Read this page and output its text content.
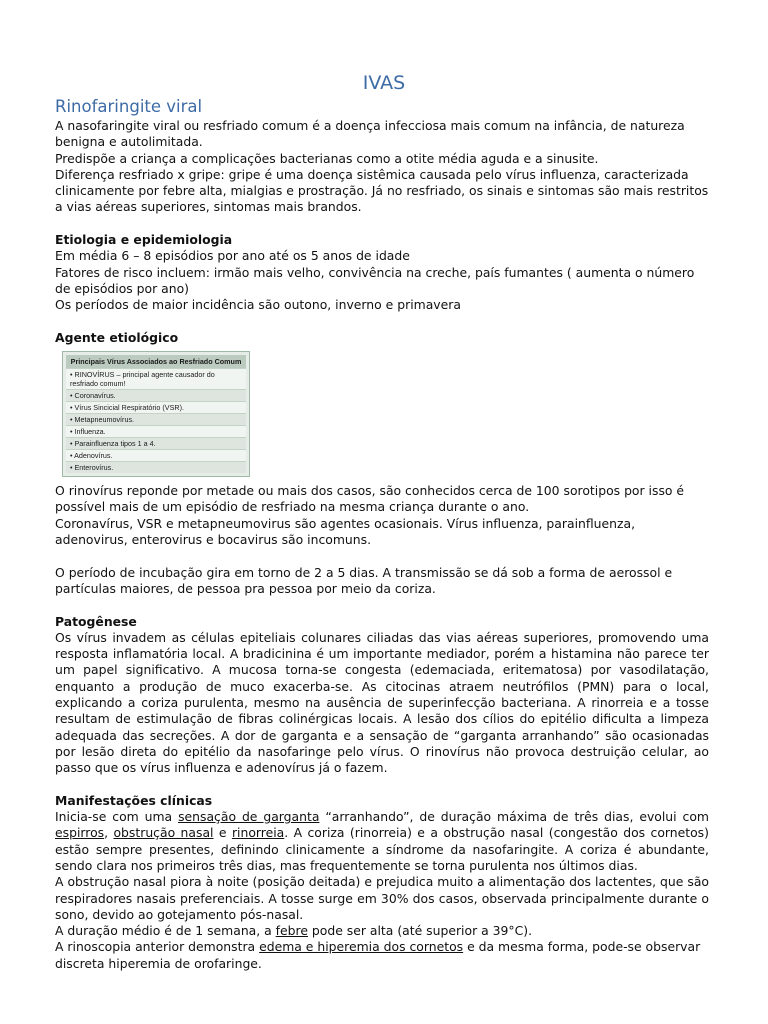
IVAS
Rinofaringite viral

A nasofaringite viral ou resfriado comum é a doença infecciosa mais comum na infância, de natureza benigna e autolimitada.

Predispõe a criança a complicações bacterianas como a otite média aguda e a sinusite.

Diferença resfriado x gripe: gripe é uma doença sistêmica causada pelo vírus influenza, caracterizada clinicamente por febre alta, mialgias e prostração. Já no resfriado, os sinais e sintomas são mais restritos a vias aéreas superiores, sintomas mais brandos.

Etiologia e epidemiologia

Em média 6 – 8 episódios por ano até os 5 anos de idade

Fatores de risco incluem: irmão mais velho, convivência na creche, país fumantes ( aumenta o número de episódios por ano)

Os períodos de maior incidência são outono, inverno e primavera

Agente etiológico

Principais Vírus Associados ao Resfriado Comum
• RINOVÍRUS – principal agente causador do resfriado comum!
• Coronavírus.
• Vírus Sincicial Respiratório (VSR).
• Metapneumovírus.
• Influenza.
• Parainfluenza tipos 1 a 4.
• Adenovírus.
• Enterovírus.

O rinovírus reponde por metade ou mais dos casos, são conhecidos cerca de 100 sorotipos por isso é possível mais de um episódio de resfriado na mesma criança durante o ano.

Coronavírus, VSR e metapneumovirus são agentes ocasionais. Vírus influenza, parainfluenza, adenovirus, enterovirus e bocavirus são incomuns.

O período de incubação gira em torno de 2 a 5 dias. A transmissão se dá sob a forma de aerossol e partículas maiores, de pessoa pra pessoa por meio da coriza.

Patogênese

Os vírus invadem as células epiteliais colunares ciliadas das vias aéreas superiores, promovendo uma resposta inflamatória local. A bradicinina é um importante mediador, porém a histamina não parece ter um papel significativo. A mucosa torna-se congesta (edemaciada, eritematosa) por vasodilatação, enquanto a produção de muco exacerba-se. As citocinas atraem neutrófilos (PMN) para o local, explicando a coriza purulenta, mesmo na ausência de superinfecção bacteriana. A rinorreia e a tosse resultam de estimulação de fibras colinérgicas locais. A lesão dos cílios do epitélio dificulta a limpeza adequada das secreções. A dor de garganta e a sensação de “garganta arranhando” são ocasionadas por lesão direta do epitélio da nasofaringe pelo vírus. O rinovírus não provoca destruição celular, ao passo que os vírus influenza e adenovírus já o fazem.

Manifestações clínicas

Inicia-se com uma sensação de garganta “arranhando”, de duração máxima de três dias, evolui com espirros, obstrução nasal e rinorreia. A coriza (rinorreia) e a obstrução nasal (congestão dos cornetos) estão sempre presentes, definindo clinicamente a síndrome da nasofaringite. A coriza é abundante, sendo clara nos primeiros três dias, mas frequentemente se torna purulenta nos últimos dias.

A obstrução nasal piora à noite (posição deitada) e prejudica muito a alimentação dos lactentes, que são respiradores nasais preferenciais. A tosse surge em 30% dos casos, observada principalmente durante o sono, devido ao gotejamento pós-nasal.

A duração médio é de 1 semana, a febre pode ser alta (até superior a 39°C).

A rinoscopia anterior demonstra edema e hiperemia dos cornetos e da mesma forma, pode-se observar discreta hiperemia de orofaringe.
